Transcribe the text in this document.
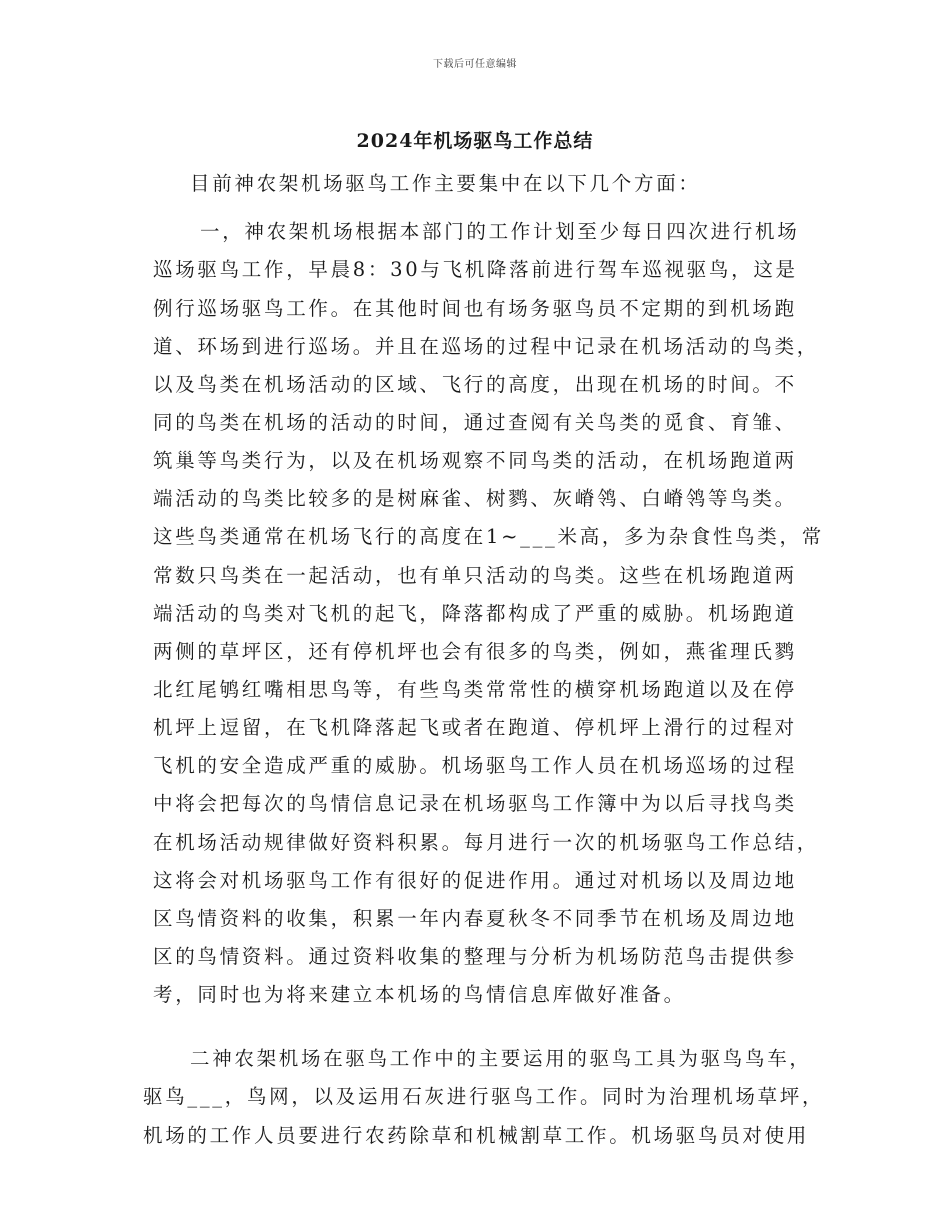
下载后可任意编辑
2024年机场驱鸟工作总结
目前神农架机场驱鸟工作主要集中在以下几个方面：
一，神农架机场根据本部门的工作计划至少每日四次进行机场
巡场驱鸟工作，早晨8：30与飞机降落前进行驾车巡视驱鸟，这是
例行巡场驱鸟工作。在其他时间也有场务驱鸟员不定期的到机场跑
道、环场到进行巡场。并且在巡场的过程中记录在机场活动的鸟类，
以及鸟类在机场活动的区域、飞行的高度，出现在机场的时间。不
同的鸟类在机场的活动的时间，通过查阅有关鸟类的觅食、育雏、
筑巢等鸟类行为，以及在机场观察不同鸟类的活动，在机场跑道两
端活动的鸟类比较多的是树麻雀、树鹨、灰嵴鸰、白嵴鸰等鸟类。
这些鸟类通常在机场飞行的高度在1~___米高，多为杂食性鸟类，常
常数只鸟类在一起活动，也有单只活动的鸟类。这些在机场跑道两
端活动的鸟类对飞机的起飞，降落都构成了严重的威胁。机场跑道
两侧的草坪区，还有停机坪也会有很多的鸟类，例如，燕雀理氏鹨
北红尾鸲红嘴相思鸟等，有些鸟类常常性的横穿机场跑道以及在停
机坪上逗留，在飞机降落起飞或者在跑道、停机坪上滑行的过程对
飞机的安全造成严重的威胁。机场驱鸟工作人员在机场巡场的过程
中将会把每次的鸟情信息记录在机场驱鸟工作簿中为以后寻找鸟类
在机场活动规律做好资料积累。每月进行一次的机场驱鸟工作总结，
这将会对机场驱鸟工作有很好的促进作用。通过对机场以及周边地
区鸟情资料的收集，积累一年内春夏秋冬不同季节在机场及周边地
区的鸟情资料。通过资料收集的整理与分析为机场防范鸟击提供参
考，同时也为将来建立本机场的鸟情信息库做好准备。
二神农架机场在驱鸟工作中的主要运用的驱鸟工具为驱鸟鸟车，
驱鸟___，鸟网，以及运用石灰进行驱鸟工作。同时为治理机场草坪，
机场的工作人员要进行农药除草和机械割草工作。机场驱鸟员对使用
